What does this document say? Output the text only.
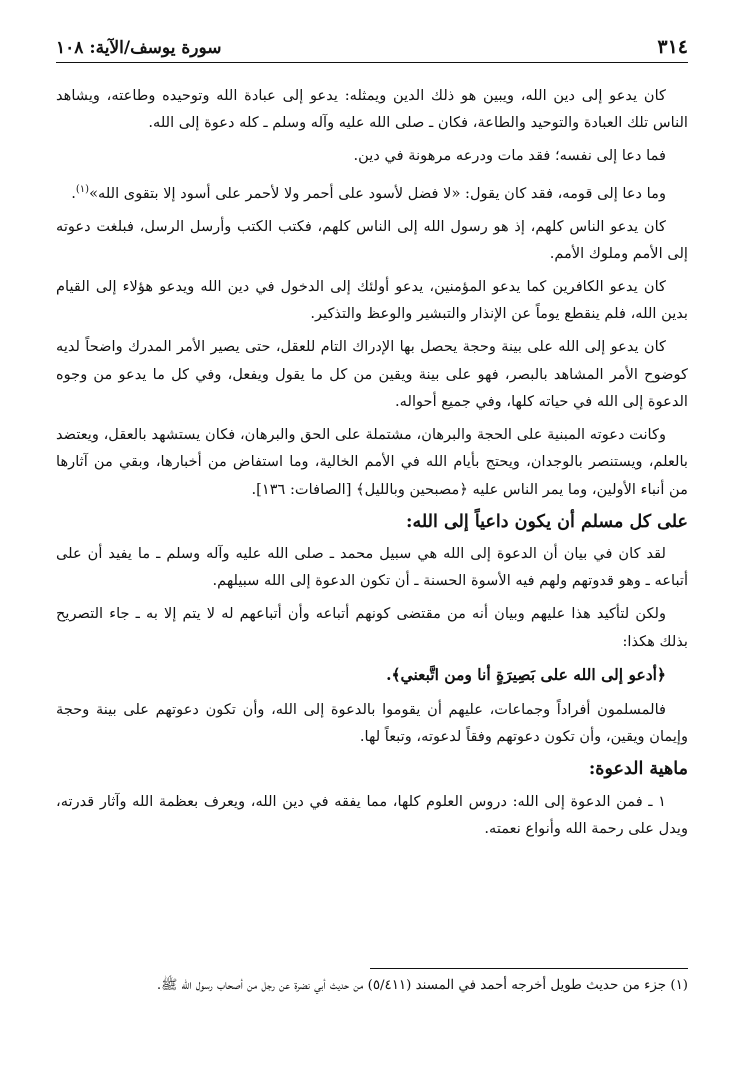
٣١٤
سورة يوسف/الآية: ١٠٨

كان يدعو إلى دين الله، ويبين هو ذلك الدين ويمثله: يدعو إلى عبادة الله وتوحيده وطاعته، ويشاهد الناس تلك العبادة والتوحيد والطاعة، فكان ـ صلى الله عليه وآله وسلم ـ كله دعوة إلى الله.

فما دعا إلى نفسه؛ فقد مات ودرعه مرهونة في دين.

وما دعا إلى قومه، فقد كان يقول: «لا فضل لأسود على أحمر ولا لأحمر على أسود إلا بتقوى الله»$^{(١)}$.

كان يدعو الناس كلهم، إذ هو رسول الله إلى الناس كلهم، فكتب الكتب وأرسل الرسل، فبلغت دعوته إلى الأمم وملوك الأمم.

كان يدعو الكافرين كما يدعو المؤمنين، يدعو أولئك إلى الدخول في دين الله ويدعو هؤلاء إلى القيام بدين الله، فلم ينقطع يوماً عن الإنذار والتبشير والوعظ والتذكير.

كان يدعو إلى الله على بينة وحجة يحصل بها الإدراك التام للعقل، حتى يصير الأمر المدرك واضحاً لديه كوضوح الأمر المشاهد بالبصر، فهو على بينة ويقين من كل ما يقول ويفعل، وفي كل ما يدعو من وجوه الدعوة إلى الله في حياته كلها، وفي جميع أحواله.

وكانت دعوته المبنية على الحجة والبرهان، مشتملة على الحق والبرهان، فكان يستشهد بالعقل، ويعتضد بالعلم، ويستنصر بالوجدان، ويحتج بأيام الله في الأمم الخالية، وما استفاض من أخبارها، وبقي من آثارها من أنباء الأولين، وما يمر الناس عليه ﴿مصبحين وبالليل﴾ [الصافات: ١٣٦].

على كل مسلم أن يكون داعياً إلى الله:

لقد كان في بيان أن الدعوة إلى الله هي سبيل محمد ـ صلى الله عليه وآله وسلم ـ ما يفيد أن على أتباعه ـ وهو قدوتهم ولهم فيه الأسوة الحسنة ـ أن تكون الدعوة إلى الله سبيلهم.

ولكن لتأكيد هذا عليهم وبيان أنه من مقتضى كونهم أتباعه وأن أتباعهم له لا يتم إلا به ـ جاء التصريح بذلك هكذا:

﴿أدعو إلى الله على بَصِيرَةٍ أنا ومن اتَّبعني﴾.

فالمسلمون أفراداً وجماعات، عليهم أن يقوموا بالدعوة إلى الله، وأن تكون دعوتهم على بينة وحجة وإيمان ويقين، وأن تكون دعوتهم وفقاً لدعوته، وتبعاً لها.

ماهية الدعوة:

١ ـ فمن الدعوة إلى الله: دروس العلوم كلها، مما يفقه في دين الله، ويعرف بعظمة الله وآثار قدرته، ويدل على رحمة الله وأنواع نعمته.

(١) جزء من حديث طويل أخرجه أحمد في المسند (٥/٤١١) من حديث أبي نضرة عن رجل من أصحاب رسول الله ﷺ.
